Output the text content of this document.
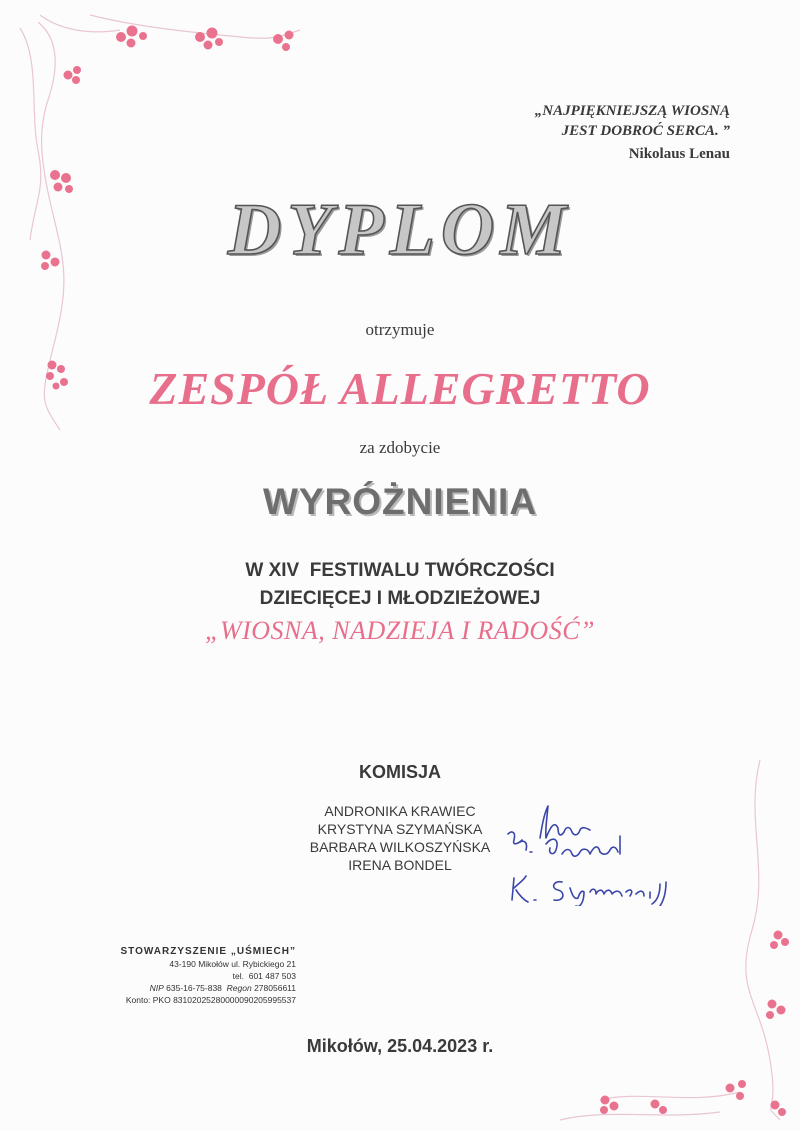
„NAJPIĘKNIEJSZĄ WIOSNĄ
JEST DOBROĆ SERCA. ”
Nikolaus Lenau
DYPLOM
otrzymuje
ZESPÓŁ ALLEGRETTO
za zdobycie
WYRÓŻNIENIA
W XIV  FESTIWALU TWÓRCZOŚCI
DZIECIĘCEJ I MŁODZIEŻOWEJ
„WIOSNA, NADZIEJA I RADOŚĆ”
KOMISJA
ANDRONIKA KRAWIEC
KRYSTYNA SZYMAŃSKA
BARBARA WILKOSZYŃSKA
IRENA BONDEL
STOWARZYSZENIE „UŚMIECH”
43-190 Mikołów ul. Rybickiego 21
tel.  601 487 503
NIP 635-16-75-838 Regon 278056611
Konto: PKO 83102025280000090205995537
Mikołów, 25.04.2023 r.
